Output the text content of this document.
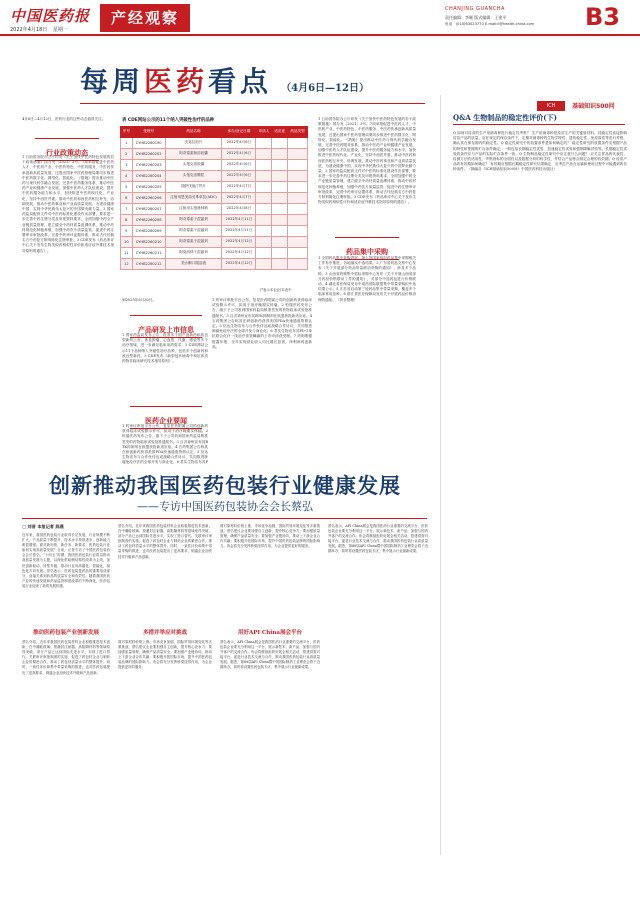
中国医药报
2022年4月18日 星期一
产经观察	CHANJING GUANCHA
责任编辑：李颖 版式编辑：王建平
电话：(010)63023770 E-mail:li@health-china.com B3
每周医药看点 （4月6日—12日）
4月6日—4月12日，医药行业的这些动态值得关注。
行业政策动态
1 日前国务院办公厅印发《关于加快中医药特色发展的若干政策措施》国办发〔2021〕3号。7项举措促进中医药人才、中医药产业、中医药特色、中医药服务、中医药传承创新高质量发展，还提出国家中医药管理局要同步推进中医药数字化、网络化、智能化。《措施》提出推动中医药与现代科学融合发展，完善中医药服务体系，推动中医药产业和健康产业发展，加强中医药人才队伍建设，提升中医药服务能力和水平，加快推进中医药现代化、产业化，坚持中西医并重，推动中医药和西医药相互补充、协调发展，推动中医药事业和产业高质量发展，为建设健康中国、实现中华民族伟大复兴的中国梦贡献力量。2 国家药监局配套文件对中医药标准化建设作出部署，要求进一步完善中药注册分类及申报资料要求，全面加强中药全产业链质量管理，建立健全中药材质量追溯体系，推动中药材规范化种植养殖，加强中药饮片质量监管，促进中药注册审评审批改革，完善中药审评证据体系，推动古代经典名方中药复方制剂简化注册审批。3 CDE发布《药品审评中心关于发布生物类似药相似性评价和适应症外推技术指导原则的通告》。
表 CDE网站公示的11个纳入突破性治疗的品种
序号	受理号	药品名称	承办/登记日期	申请人	适应症	药品类型
1	CYHB2260190	沃莫拉坦片	2022年4月6日			
2	CYHB2260202	阿奇霉素肠溶胶囊	2022年4月6日			
3	CYHB2260203	头孢克洛胶囊	2022年4月6日			
4	CYHB2260204	头孢克洛颗粒	2022年4月6日			
5	CYHB2260205	瑞舒伐他汀钙片	2022年4月7日			
6	CYHB2260206	注射用恩美曲妥珠单抗(ADC)	2022年4月7日			
7	CYHB2260207	注射用头孢唑林钠	2022年4月8日			
8	CYHB2260208	阿奇霉素干混悬剂	2022年4月11日			
9	CYHB2260209	阿奇霉素干混悬剂	2022年4月11日			
10	CYHB2260210	阿奇霉素干混悬剂	2022年4月12日			
11	CYHB2260211	阿莫西林干混悬剂	2022年4月12日			
12	CYHB2260212	美沙酮口服溶液	2022年4月12日			
到2025年6月30日。
产品研发上市信息
1 国家药监局发布公告，批准多个国产创新药和改良型新药上市，涉及肿瘤、心血管、代谢、感染等多个治疗领域，进一步满足临床用药需求。2 CDE网站公示11个品种纳入突破性治疗品种，包括多个创新药和改良型新药。3 CDE发布《新型冠状病毒中和抗体类药物非临床研究技术指导原则》。
医药企业要闻
1 药审评审批平台公布，复星医药附属公司的创新药获得临床试验默示许可，拟用于治疗晚期实体瘤。2 恒瑞医药发布公告，旗下子公司收到国家药监局核准签发的药物临床试验批准通知书。3 百济神州宣布其BTK抑制剂在欧盟获批新适应症。4 石药集团公告称其在研创新药获得美国FDA快速通道资格认定。5 信达生物宣布与合作伙伴达成战略合作协议，共同推进肿瘤免疫疗法的全球开发与商业化。6 君实生物宣布其P
(*表示本企业)本表中
1 药审评审批平台公布，复星医药附属公司的创新药获得临床试验默示许可，拟用于治疗晚期实体瘤。2 恒瑞医药发布公告，旗下子公司收到国家药监局核准签发的药物临床试验批准通知书。3 百济神州宣布其BTK抑制剂在欧盟获批新适应症。4 石药集团公告称其在研创新药获得美国FDA快速通道资格认定。5 信达生物宣布与合作伙伴达成战略合作协议，共同推进肿瘤免疫疗法的全球开发与商业化。6 君实生物宣布其PD-1单抗联合化疗一线治疗食管鳞癌的上市申请获受理。7 药明康德披露年报，全年实现营业收入同比增长显著，净利润再创新高。
1 日前国务院办公厅印发《关于加快中医药特色发展的若干政策措施》国办发〔2021〕3号。7项举措促进中医药人才、中医药产业、中医药特色、中医药服务、中医药传承创新高质量发展，还提出国家中医药管理局要同步推进中医药数字化、网络化、智能化。《措施》提出推动中医药与现代科学融合发展，完善中医药服务体系，推动中医药产业和健康产业发展，加强中医药人才队伍建设，提升中医药服务能力和水平，加快推进中医药现代化、产业化，坚持中西医并重，推动中医药和西医药相互补充、协调发展，推动中医药事业和产业高质量发展，为建设健康中国、实现中华民族伟大复兴的中国梦贡献力量。2 国家药监局配套文件对中医药标准化建设作出部署，要求进一步完善中药注册分类及申报资料要求，全面加强中药全产业链质量管理，建立健全中药材质量追溯体系，推动中药材规范化种植养殖，加强中药饮片质量监管，促进中药注册审评审批改革，完善中药审评证据体系，推动古代经典名方中药复方制剂简化注册审批。3 CDE发布《药品审评中心关于发布生物类似药相似性评价和适应症外推技术指导原则的通告》。
药品集中采购
1 全国药品集中采购进展：第七批国家组织药品集中采购相关工作有序推进，各地落实中选结果。2 广东省药品交易中心发布《关于开展部分药品带量联动采购的通知》，涉及多个品种。3 山西省药械集中招标采购中心发布《关于开展山西省部分药品价格联动工作的通知》，对部分中选药品进行价格联动。4 湖北省医保局发布中成药省际联盟集中带量采购拟中选结果公示。5 江苏省启动第三轮药品集中带量采购，覆盖多个临床常用品种。6 浙江省医疗保障局发布关于开展药品价格治理的通知。（刘昔整理）
ICH	基础知识500问
Q&A 生物制品的稳定性评价(下)
Q 如何对疫苗的生产用菌毒种进行稳定性考察？ 生产用菌毒种是疫苗生产的关键原材料，其稳定性直接影响疫苗产品的质量。应在规定的保存条件下，定期对菌毒种的生物学特性、遗传稳定性、免疫原性等进行考察，确认其在保存期内的稳定性。Q 稳定性研究中的放置条件是如何确定的？ 稳定性研究的放置条件应根据产品的特性和预期的贮存条件确定，一般包括长期稳定性试验、加速稳定性试验和强制降解试验等。长期稳定性试验的条件应与产品的实际贮存条件一致。Q 生物制品稳定性研究中应注意什么问题？ 应关注样品的代表性、检测方法的适用性、考察指标的全面性以及数据分析的科学性，并结合产品特点制定合理的有效期。Q 疫苗产品的有效期如何确定？ 有效期应根据长期稳定性研究结果确定，应考虑产品在运输和使用过程中可能遇到的各种条件。（摘编自《ICH基础知识500问》中国医药科技出版社）
创新推动我国医药包装行业健康发展
——专访中国医药包装协会会长蔡弘
□ 刘昔 本报记者 陈燕
近年来，我国医药包装行业取得长足发展，行业规模不断扩大，产品质量不断提升，技术水平持续进步，创新能力明显增强。面对新形势、新任务、新要求，医药包装行业如何实现高质量发展？日前，记者专访了中国医药包装协会会长蔡弘。“十四五”时期，我国医药包装行业将以推动高质量发展为主题，以深化供给侧结构性改革为主线，加快创新驱动、转型升级，推动行业向高端化、智能化、绿色化方向发展。蔡弘表示，医药包装是药品的重要组成部分，直接关系到药品的质量安全和有效性。随着我国医药产业的快速发展和药品监管制度改革的不断深化，医药包装行业迎来了新的发展机遇。
推动医药包装产业创新发展
蔡弘介绍，近年来我国医药包装材料企业积极推进技术创新，在中硼硅玻璃、预灌封注射器、高阻隔材料等领域取得突破，部分产品已达到国际先进水平，实现了进口替代。关联审评审批制度的实施，促进了药包材企业与制药企业的紧密合作，推动了药包材质量水平的整体提升。同时，一致性评价和集中带量采购的推进，也对医药包装提出了更高要求，倒逼企业加快技术升级和产品创新。
蔡弘介绍，近年来我国医药包装材料企业积极推进技术创新，在中硼硅玻璃、预灌封注射器、高阻隔材料等领域取得突破，部分产品已达到国际先进水平，实现了进口替代。关联审评审批制度的实施，促进了药包材企业与制药企业的紧密合作，推动了药包材质量水平的整体提升。同时，一致性评价和集中带量采购的推进，也对医药包装提出了更高要求，倒逼企业加快技术升级和产品创新。
多措并举应对挑战
面对原材料价格上涨、市场竞争加剧、国际贸易环境变化等多重挑战，蔡弘建议企业要加强自主创新，提升核心竞争力；要加强质量管理，确保产品质量安全；要加强产业链协同，推动上下游企业合作共赢；要积极开拓国际市场，提升中国医药包装品牌的国际影响力。协会将充分发挥桥梁纽带作用，为企业提供更好的服务。
面对原材料价格上涨、市场竞争加剧、国际贸易环境变化等多重挑战，蔡弘建议企业要加强自主创新，提升核心竞争力；要加强质量管理，确保产品质量安全；要加强产业链协同，推动上下游企业合作共赢；要积极开拓国际市场，提升中国医药包装品牌的国际影响力。协会将充分发挥桥梁纽带作用，为企业提供更好的服务。
用好API China展会平台
蔡弘表示，API China展会是我国医药行业重要的交流平台，医药包装企业要充分利用这一平台，展示新技术、新产品，加强与国内外客户的交流合作。协会将继续组织好展会相关活动，搭建供需对接平台，促进行业技术交流与合作，推动我国医药包装行业高质量发展。据悉，第88届API China暨中国国际制药工业博览会将于近期举办，届时将设置医药包装专区，集中展示行业最新成果。
蔡弘表示，API China展会是我国医药行业重要的交流平台，医药包装企业要充分利用这一平台，展示新技术、新产品，加强与国内外客户的交流合作。协会将继续组织好展会相关活动，搭建供需对接平台，促进行业技术交流与合作，推动我国医药包装行业高质量发展。据悉，第88届API China暨中国国际制药工业博览会将于近期举办，届时将设置医药包装专区，集中展示行业最新成果。
